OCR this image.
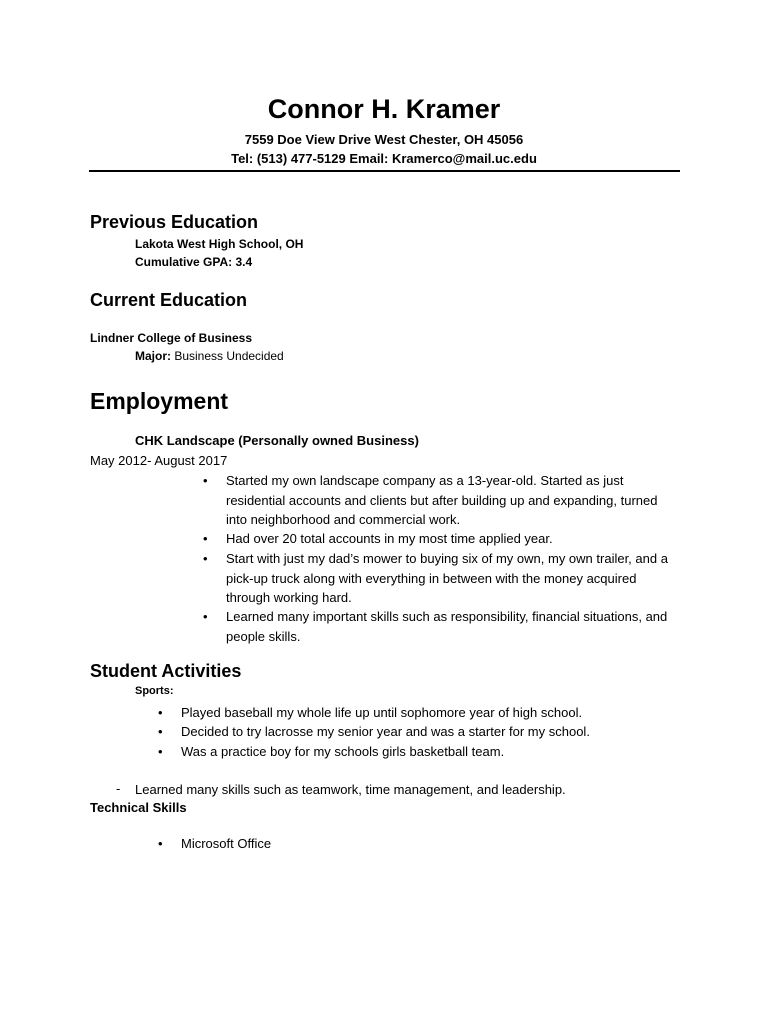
Connor H. Kramer
7559 Doe View Drive West Chester, OH 45056
Tel: (513) 477-5129 Email: Kramerco@mail.uc.edu
Previous Education
Lakota West High School, OH
Cumulative GPA: 3.4
Current Education
Lindner College of Business
Major: Business Undecided
Employment
CHK Landscape (Personally owned Business)
May 2012- August 2017
• Started my own landscape company as a 13-year-old. Started as just residential accounts and clients but after building up and expanding, turned into neighborhood and commercial work.
• Had over 20 total accounts in my most time applied year.
• Start with just my dad’s mower to buying six of my own, my own trailer, and a pick-up truck along with everything in between with the money acquired through working hard.
• Learned many important skills such as responsibility, financial situations, and people skills.
Student Activities
Sports:
• Played baseball my whole life up until sophomore year of high school.
• Decided to try lacrosse my senior year and was a starter for my school.
• Was a practice boy for my schools girls basketball team.
- Learned many skills such as teamwork, time management, and leadership.
Technical Skills
• Microsoft Office
